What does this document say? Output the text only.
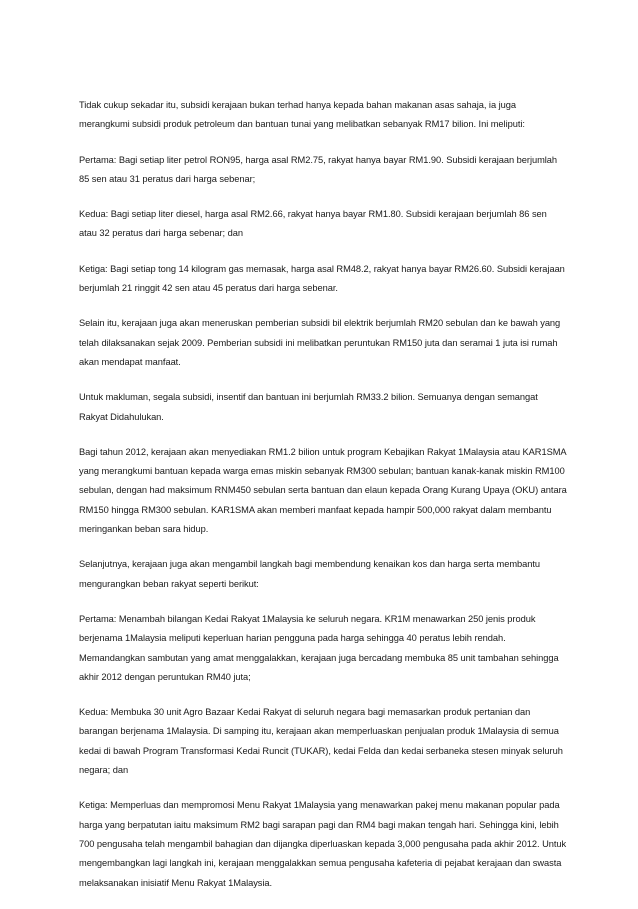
Tidak cukup sekadar itu, subsidi kerajaan bukan terhad hanya kepada bahan makanan asas sahaja, ia juga merangkumi subsidi produk petroleum dan bantuan tunai yang melibatkan sebanyak RM17 bilion. Ini meliputi:

Pertama: Bagi setiap liter petrol RON95, harga asal RM2.75, rakyat hanya bayar RM1.90. Subsidi kerajaan berjumlah 85 sen atau 31 peratus dari harga sebenar;

Kedua: Bagi setiap liter diesel, harga asal RM2.66, rakyat hanya bayar RM1.80. Subsidi kerajaan berjumlah 86 sen atau 32 peratus dari harga sebenar; dan

Ketiga: Bagi setiap tong 14 kilogram gas memasak, harga asal RM48.2, rakyat hanya bayar RM26.60. Subsidi kerajaan berjumlah 21 ringgit 42 sen atau 45 peratus dari harga sebenar.

Selain itu, kerajaan juga akan meneruskan pemberian subsidi bil elektrik berjumlah RM20 sebulan dan ke bawah yang telah dilaksanakan sejak 2009. Pemberian subsidi ini melibatkan peruntukan RM150 juta dan seramai 1 juta isi rumah akan mendapat manfaat.

Untuk makluman, segala subsidi, insentif dan bantuan ini berjumlah RM33.2 bilion. Semuanya dengan semangat Rakyat Didahulukan.

Bagi tahun 2012, kerajaan akan menyediakan RM1.2 bilion untuk program Kebajikan Rakyat 1Malaysia atau KAR1SMA yang merangkumi bantuan kepada warga emas miskin sebanyak RM300 sebulan; bantuan kanak-kanak miskin RM100 sebulan, dengan had maksimum RNM450 sebulan serta bantuan dan elaun kepada Orang Kurang Upaya (OKU) antara RM150 hingga RM300 sebulan. KAR1SMA akan memberi manfaat kepada hampir 500,000 rakyat dalam membantu meringankan beban sara hidup.

Selanjutnya, kerajaan juga akan mengambil langkah bagi membendung kenaikan kos dan harga serta membantu mengurangkan beban rakyat seperti berikut:

Pertama: Menambah bilangan Kedai Rakyat 1Malaysia ke seluruh negara. KR1M menawarkan 250 jenis produk berjenama 1Malaysia meliputi keperluan harian pengguna pada harga sehingga 40 peratus lebih rendah. Memandangkan sambutan yang amat menggalakkan, kerajaan juga bercadang membuka 85 unit tambahan sehingga akhir 2012 dengan peruntukan RM40 juta;

Kedua: Membuka 30 unit Agro Bazaar Kedai Rakyat di seluruh negara bagi memasarkan produk pertanian dan barangan berjenama 1Malaysia. Di samping itu, kerajaan akan memperluaskan penjualan produk 1Malaysia di semua kedai di bawah Program Transformasi Kedai Runcit (TUKAR), kedai Felda dan kedai serbaneka stesen minyak seluruh negara; dan

Ketiga: Memperluas dan mempromosi Menu Rakyat 1Malaysia yang menawarkan pakej menu makanan popular pada harga yang berpatutan iaitu maksimum RM2 bagi sarapan pagi dan RM4 bagi makan tengah hari. Sehingga kini, lebih 700 pengusaha telah mengambil bahagian dan dijangka diperluaskan kepada 3,000 pengusaha pada akhir 2012. Untuk mengembangkan lagi langkah ini, kerajaan menggalakkan semua pengusaha kafeteria di pejabat kerajaan dan swasta melaksanakan inisiatif Menu Rakyat 1Malaysia.
